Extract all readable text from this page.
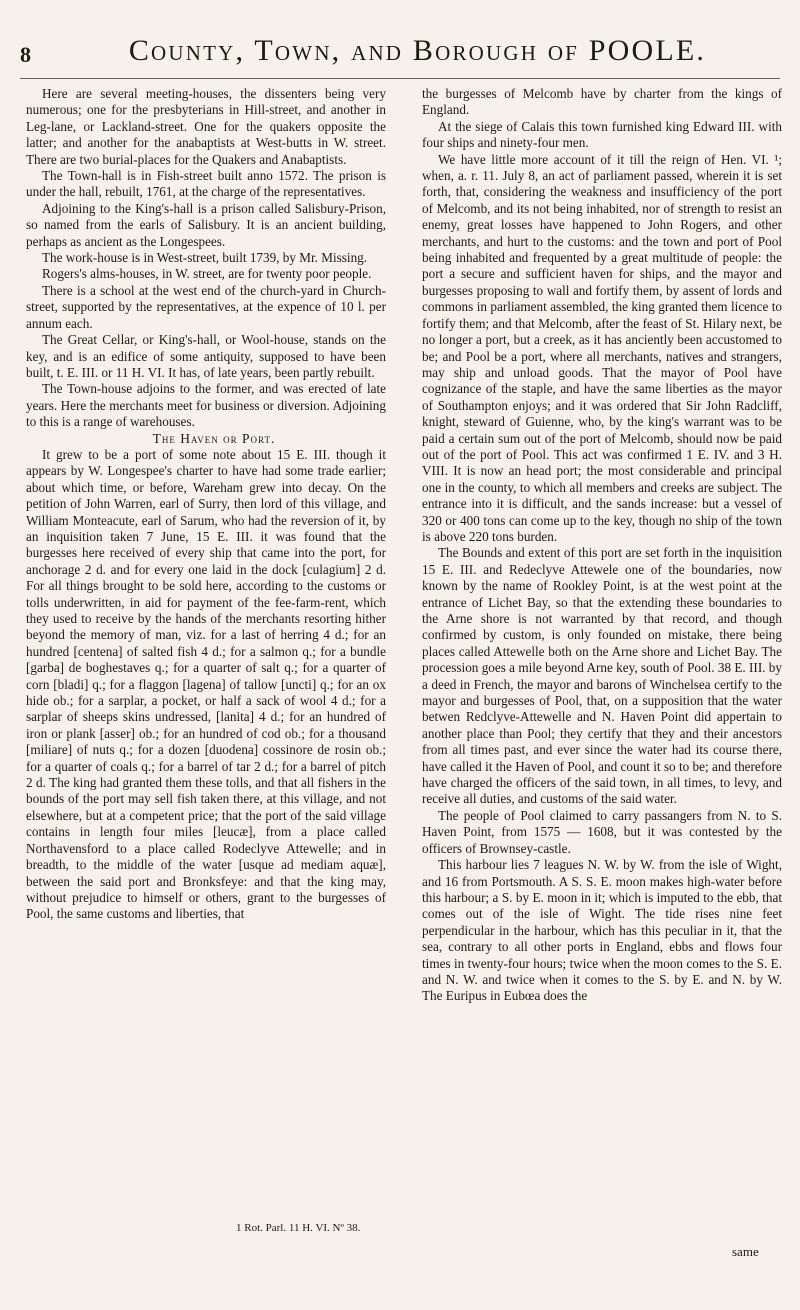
8	County, Town, and Borough of POOLE.

Here are several meeting-houses, the dissenters being very numerous; one for the presbyterians in Hill-street, and another in Leg-lane, or Lackland-street. One for the quakers opposite the latter; and another for the anabaptists at West-butts in W. street. There are two burial-places for the Quakers and Anabaptists.

The Town-hall is in Fish-street built anno 1572. The prison is under the hall, rebuilt, 1761, at the charge of the representatives.

Adjoining to the King's-hall is a prison called Salisbury-Prison, so named from the earls of Salisbury. It is an ancient building, perhaps as ancient as the Longespees.

The work-house is in West-street, built 1739, by Mr. Missing.

Rogers's alms-houses, in W. street, are for twenty poor people.

There is a school at the west end of the church-yard in Church-street, supported by the representatives, at the expence of 10 l. per annum each.

The Great Cellar, or King's-hall, or Wool-house, stands on the key, and is an edifice of some antiquity, supposed to have been built, t. E. III. or 11 H. VI. It has, of late years, been partly rebuilt.

The Town-house adjoins to the former, and was erected of late years. Here the merchants meet for business or diversion. Adjoining to this is a range of warehouses.

The Haven or Port.

It grew to be a port of some note about 15 E. III. though it appears by W. Longespee's charter to have had some trade earlier; about which time, or before, Wareham grew into decay. On the petition of John Warren, earl of Surry, then lord of this village, and William Monteacute, earl of Sarum, who had the reversion of it, by an inquisition taken 7 June, 15 E. III. it was found that the burgesses here received of every ship that came into the port, for anchorage 2 d. and for every one laid in the dock [culagium] 2 d. For all things brought to be sold here, according to the customs or tolls underwritten, in aid for payment of the fee-farm-rent, which they used to receive by the hands of the merchants resorting hither beyond the memory of man, viz. for a last of herring 4 d.; for an hundred [centena] of salted fish 4 d.; for a salmon q.; for a bundle [garba] de boghestaves q.; for a quarter of salt q.; for a quarter of corn [bladi] q.; for a flaggon [lagena] of tallow [uncti] q.; for an ox hide ob.; for a sarplar, a pocket, or half a sack of wool 4 d.; for a sarplar of sheeps skins undressed, [lanita] 4 d.; for an hundred of iron or plank [asser] ob.; for an hundred of cod ob.; for a thousand [miliare] of nuts q.; for a dozen [duodena] cossinore de rosin ob.; for a quarter of coals q.; for a barrel of tar 2 d.; for a barrel of pitch 2 d. The king had granted them these tolls, and that all fishers in the bounds of the port may sell fish taken there, at this village, and not elsewhere, but at a competent price; that the port of the said village contains in length four miles [leucæ], from a place called Northavensford to a place called Rodeclyve Attewelle; and in breadth, to the middle of the water [usque ad mediam aquæ], between the said port and Bronksfeye: and that the king may, without prejudice to himself or others, grant to the burgesses of Pool, the same customs and liberties, that

the burgesses of Melcomb have by charter from the kings of England.

At the siege of Calais this town furnished king Edward III. with four ships and ninety-four men.

We have little more account of it till the reign of Hen. VI. ¹; when, a. r. 11. July 8, an act of parliament passed, wherein it is set forth, that, considering the weakness and insufficiency of the port of Melcomb, and its not being inhabited, nor of strength to resist an enemy, great losses have happened to John Rogers, and other merchants, and hurt to the customs: and the town and port of Pool being inhabited and frequented by a great multitude of people: the port a secure and sufficient haven for ships, and the mayor and burgesses proposing to wall and fortify them, by assent of lords and commons in parliament assembled, the king granted them licence to fortify them; and that Melcomb, after the feast of St. Hilary next, be no longer a port, but a creek, as it has anciently been accustomed to be; and Pool be a port, where all merchants, natives and strangers, may ship and unload goods. That the mayor of Pool have cognizance of the staple, and have the same liberties as the mayor of Southampton enjoys; and it was ordered that Sir John Radcliff, knight, steward of Guienne, who, by the king's warrant was to be paid a certain sum out of the port of Melcomb, should now be paid out of the port of Pool. This act was confirmed 1 E. IV. and 3 H. VIII. It is now an head port; the most considerable and principal one in the county, to which all members and creeks are subject. The entrance into it is difficult, and the sands increase: but a vessel of 320 or 400 tons can come up to the key, though no ship of the town is above 220 tons burden.

The Bounds and extent of this port are set forth in the inquisition 15 E. III. and Redeclyve Attewele one of the boundaries, now known by the name of Rookley Point, is at the west point at the entrance of Lichet Bay, so that the extending these boundaries to the Arne shore is not warranted by that record, and though confirmed by custom, is only founded on mistake, there being places called Attewelle both on the Arne shore and Lichet Bay. The procession goes a mile beyond Arne key, south of Pool. 38 E. III. by a deed in French, the mayor and barons of Winchelsea certify to the mayor and burgesses of Pool, that, on a supposition that the water betwen Redclyve-Attewelle and N. Haven Point did appertain to another place than Pool; they certify that they and their ancestors from all times past, and ever since the water had its course there, have called it the Haven of Pool, and count it so to be; and therefore have charged the officers of the said town, in all times, to levy, and receive all duties, and customs of the said water.

The people of Pool claimed to carry passangers from N. to S. Haven Point, from 1575 — 1608, but it was contested by the officers of Brownsey-castle.

This harbour lies 7 leagues N. W. by W. from the isle of Wight, and 16 from Portsmouth. A S. S. E. moon makes high-water before this harbour; a S. by E. moon in it; which is imputed to the ebb, that comes out of the isle of Wight. The tide rises nine feet perpendicular in the harbour, which has this peculiar in it, that the sea, contrary to all other ports in England, ebbs and flows four times in twenty-four hours; twice when the moon comes to the S. E. and N. W. and twice when it comes to the S. by E. and N. by W. The Euripus in Eubœa does the

1 Rot. Parl. 11 H. VI. Nº 38.
same
